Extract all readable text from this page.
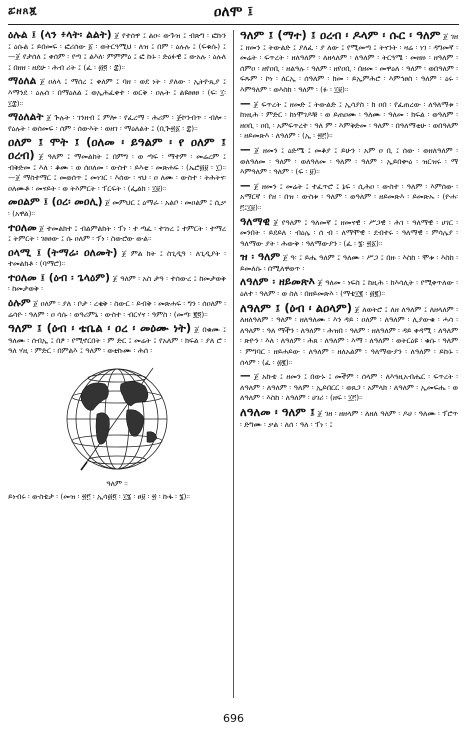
ፚዘጸጇ	ዐለሞ ፤

ዕሉል ፤ (ላን ፥ላት፡ ልልት) ጀ የተሰዋ ፤ ልዑ፡ ውጉዝ ፤ ብጽግ ፡ ፎኩን ፤ ዕሱል ፤ ይበመፍ ፡ ፎሪሰው ፩ ፡ ወትርጓሚህ ፡ ለዝ ፤ በም ፡ ዕሉሉ ፤ (ፍቁሱ) ፤ —ጀ የታሰለ ፤ ቀሰም ፡ የጣ ፤ ልእለ፡ ምምምዕ ፤ ፎ ኩኑ ፡ ድዕፉዊ ፤ ውአሉ ፡ ዕሉለ ፤ በዘዘ ፡ ዘደሁ ፡ ሕብ ሪት ፤ (ፈ ፡ ፴፬ ፡ ፰)።

ማዕለል ጀ ዐለላ ፤ ማሰረ ፤ ቀለም ፤ ባዘ ፡ ወደ ነት ፡ ያለው ፡ ኢትዮጲያ ፤ እማንደ ፡ ዕሉሰ ፡ በማዕለል ፤ ወኢሕፈቀተ ፡ ወርቅ ፡ ዐሉት ፤ ልዩፀፀፀ ፡ (ፍ፡ ፲፡ ፲፰)።

ማዕለልት ጀ ጕሉት ፡ ገንዘብ ፤ ምሎ ፡ የፈረማ ፡ ሕሪም ፡ ጅኮንብጥ ፡ ብሎ ፡ የዕሉት ፡ ወሰመፍ ፡ ሰም ፡ ሰውእት ፡ ወዘገ ፡ ማዕለልት ፤ (ቢጕ፳፩ ፡ ፰)።

ዐለም ፤ ሞት ፤ (ዐለመ ፡ ይዓልም ፡ የ ዐለም ፤ ዐረብ) ጀ ዓለም ፤ ማመልከት ፤ በምግ ፡ ወ ጣፍ ፡ ማተም ፡ መሬረም ፤ ብቅድመ ፤ እለ ፡ ቆሙ ፡ ወ ሰዐለመ ፡ ውስተ ፡ ይእቲ ፡ መጽሐፍ ፡ (ኤሮ፴፱ ፡ ፲)። —ጀ ማስተማር ፤ መወሰጥ ፤ መነገር ፡ እሰው ፡ ናህ ፡ ዐ ለሙ ፡ ውስተ ፡ ትሕትና፡ ዐለሙቶ ፡ መናይት ፡ ወ ትእምርት ፡ ፕርፍት ፡ (ፌልክ ፡ ፲፱)።

መዐልም ፤ (ዐረ፡ መዐሊ) ጀ መምህር ፤ ዕማራ ፡ አልቦ ፡ መዐልም ፤ ሲቃ ፡ (አዋል)።

ተዐለመ ጀ ተመልክተ ፤ ብልምልክት ፡ ፕነ ፡ ተ ጣፈ ፡ ተገነረ ፤ ተምርት ፡ ተማረ ፤ ትምርት ፡ ገፀፀው ፤ ሱ ዐለም ፡ ፕነ ፡ ስውሮው ውል።

ዐላሚ ፤ (ትማሬ፡ ዐለመት) ጀ ምል ክት ፤ ስጊዲዓ ፡ ለጊዲያት ፡ ተመልክቶ ፡ (ባማሮ)።

ተዐለመ ፤ (ዕብ ፡ ጌላዕም) ጀ ዓለም ፡ አስ ታዓ ፡ ተሰውረ ፤ ከመታወቅ ፡ ከመታወቅ ፡

ዕሉም ጀ ዐለም ፡ ያለ ፡ ቦታ ፡ ረቂቅ ፡ ስውር ፡ ይብቅ ፡ መጽሐፍ ፡ ግን ፡ ሰዐለም ፡ ሬሳዮ ፡ ዓለም ፡ ዐ ሳሱ ፡ ወዓሪምኒ ፡ ውስተ ፡ ብርሃና ፡ ዓምስ ፡ (መጣ፡ ፪፬)።

ዓለም ፤ (ዕብ ፡ ቴቤል ፡ ዐረ ፡ መዕሙ ነት) ጀ በቁሙ ፤ ዓለሙ ፡ ሰብኢ ፤ በፆ ፡ የሚኖርበት ፡ ም ድር ፤ መሬት ፤ የአለም ፡ ክፍል ፡ ያለ ሮ ፡ ዓለ ሃዚ ፡ ምድር ፡ በምልእ ፤ ዓለም ፡ ወቲኩሙ ፡ ሕሰ ፡

ዓለም ።

ይነብሩ ፡ ውስቴታ ፡ (መዝ ፡ ፳፫ ፡ ኢሳ፴፬ ፡ ፲፮ ፡ ፀ፱ ፡ ፳ ፡ ኩፋ ፡ ፮)።

ዓለም ፤ (ማተ) ፤ ዐረብ ፡ ዶላም ፡ ሱር ፡ ዓለም ጀ ገዘ ፤ ዘመን ፤ ትውልድ ፤ ያለፈ ፡ ያ ለው ፤ የሚመጣ ፤ ትናንት ፡ ዛሬ ፡ ነገ ፡ ዳግመኛ ፡ መሬት ፡ ፍጥረት ፡ ዘለዓለም ፡ ለዘላለም ፡ ለዓለም ፡ ትርጓሜ ፡ መዘዙ ፡ ዘዓለም ፡ ሰምዐ ፡ ዘየዐቢ ፡ ዘልዓሉ ፡ ዓለም ፡ ዘየዐቢ ፡ በዘመ ፡ መዋዕለ ፡ ዓለም ፡ ወበዓለም ፡ ፍጹም ፡ ኮነ ፡ ለርኢ ፡ ሰዓለም ፡ ክመ ፡ ይኢምሕሮ ፡ እምኅፀስ ፡ ዓለም ፡ ዕሩ ፡ እምዓለም ፡ ወእስከ ፡ ዓለም ፡ (ፉ ፡ ፲፱)።

— ጀ ፍጥረት ፤ ዘመድ ፤ ትውልድ ፤ ኢሳያስ ፡ ክ ዐበ ፡ የፈጠረው ፡ ለዓለማቱ ፡ ከነዚሕ ፡ ምድር ፡ ከነሞገዶቹ ፡ ወ ይጠዐሙ ፡ ዓለሙ ፡ ዓለመ ፡ ክፍል ፡ ወዓለም ፡ ዘዐቢ ፡ ዐቢ ፡ አምፍጥረተ ፡ ዓለ ም ፡ እምቅድመ ፡ ዓለም ፡ በዓለማቲሁ ፡ ወበዓለም ፡ ዘይመጽእ ፡ ለዓለም ፡ (ኢ ፡ ፳፫)።

— ጀ ዘመን ፤ ዕድሜ ፤ መቆያ ፤ ይሁን ፡ አም ዐ ቢ ፤ ሰው ፡ ወዘለዓለም ፡ ወለዓለመ ፡ ዓለም ፡ ወለዓለመ ፡ ዓለም ፡ ዓለም ፡ ኢይበቍዕ ፡ ዝርዝሩ ፡ ማ እምዓለም ፡ ዓለም ፡ (ፍ ፡ ፱)።

— ጀ ዘመን ፤ መሬት ፤ ተፈጥሮ ፤ ኔፍ ፡ ሲሕዐ ፡ ውስተ ፡ ዓለም ፡ እምሰው ፡ አማርኛ ፡ የዘ ፡ በዝ ፡ ውስቱ ፡ ዓለም ፡ ወዓለም ፡ ዘይመጽእ ፡ ይመጽኡ ፡ (ዮሐ፡ ፫፤፲፱)።

ዓለማዊ ጀ የዓለም ፤ ዓለመኛ ፤ ዘመናዊ ፡ ሥጋዊ ፡ ሕገ ፡ ዓለማዊ ፡ ሀገር ፡ መንበት ፡ ይደይለ ፡ ብዕሌ ፡ ሰ ብ ፡ ለማሞዊ ፡ ደብተሩ ፡ ዓለማዊ ፡ ምሳሌያ ፡ ዓለማው ያት ፡ ሕውቅ ፡ ዓለማውያን ፡ (ፈ ፡ ፮፡ ፳፩)።

ዝ ፡ ዓለም ጀ ዓ፡ ፤ ይሔ ዓለም ፤ ዓለሙ ፡ ሥጋ ፤ በዙ ፡ እስከ ፡ ሞቱ ፡ እስከ ፡ ይመለሱ ፡ በሚለዋወጥ ፡

ለዓለም ፡ ዘይመጽእ ጀ ዓለመ ፡ ነፍስ ፤ ከዚሕ ፡ ከእሳሊት ፡ የሚቀጥለው ፡ ዕለተ ፡ ዓለም ፡ ወ ስለ ፡ በዘይመጽእ ፡ (ማቴ፲፪ ፡ ፴፪)።

ለዓለም ፤ (ዕብ ፡ ልዐላም) ጀ ለወትሮ ፤ ለዘ ለዓለም ፤ ለዘላለም ፡ ለዘለዓለም ፡ ዓለም ፡ ዘለዓለሙ ፡ እን ዳይ ፡ ዐለም ፡ ለዓለም ፡ ሊያውቁ ፡ ሓሳ ፡ ለዓለም ፡ ዓለ ማችን ፡ ለዓለም ፡ ሕዝበ ፡ ዓለም ፡ ዘለዓለም ፡ ዳይ ቀዳሚ ፡ ለዓለም ፡ ጽዮን ፡ እለ ፡ ለዓለም ፡ ሕጸ ፡ ለዓለም ፡ እማ ፡ ለዓለም ፡ ወትርዕዩ ፡ ቁሱ ፡ ዓለም ፡ ምግባር ፡ ዘይሐይው ፡ ለዓለም ፡ ዘለአልም ፡ ዓለማውያን ፡ ለዓለም ፡ ይኩኑ ፡ ሰላም ፡ (ፈ ፡ ፴፪)።

— ጀ አኩቴ ፤ ዘመን ፤ በውኑ ፤ መችም ፡ ሰላም ፡ ለእጓዚአብሔር ፡ ፍጥረት ፡ ለዓለም ፡ ለዓለም ፡ ዓለም ፡ ኢይበርር ፡ ወጸጋ ፡ አምላክ ፡ ለዓለም ፡ ኢመፍሔ ፡ ወ ለዓለም ፡ እስከ ፡ ለዓለም ፡ ሀገሪ ፡ (ዘፍ ፡ ፲፫)።

ለዓለመ ፡ ዓለም ፤ ጀ ገዘ ፡ ዘዘላም ፡ ለዘለ ዓለም ፡ ዶሀ ፡ ዓለሙ ፡ ፕሮጥ ፡ ድግሙ ፡ ቃል ፡ ለሰ ፡ ዓለ ፡ ፕነ ፡ ፤

696
